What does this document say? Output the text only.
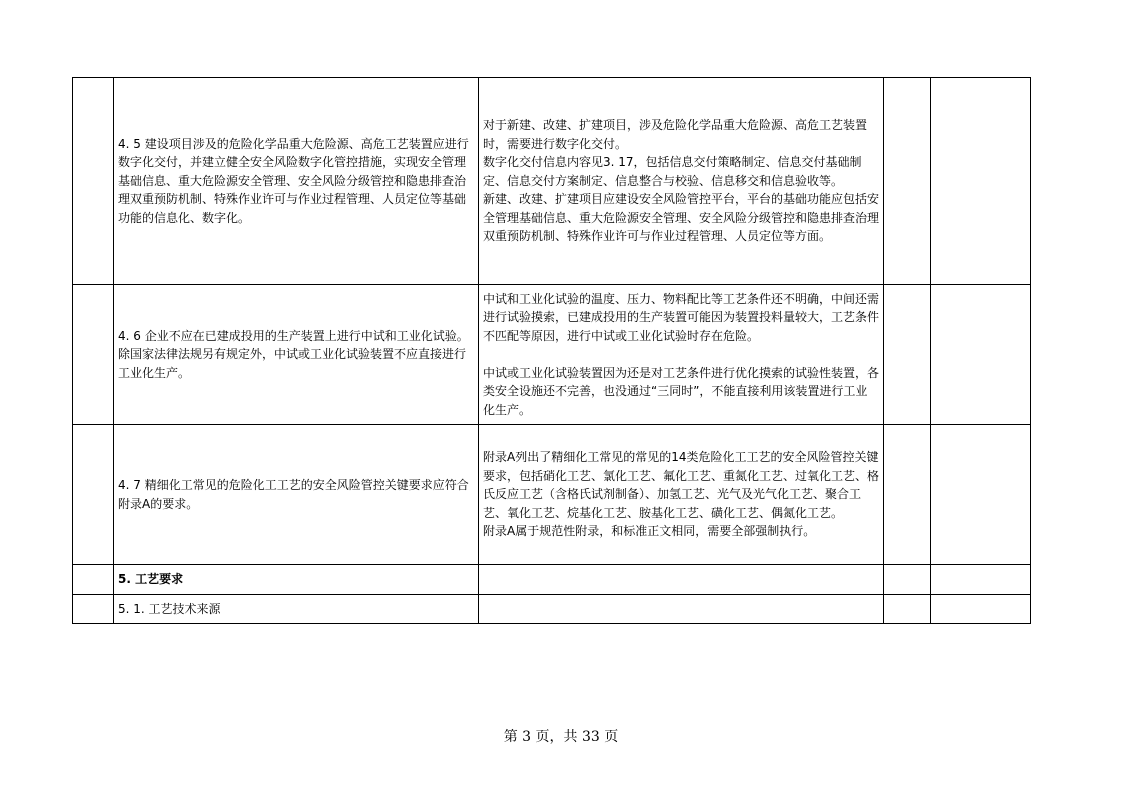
	4. 5 建设项目涉及的危险化学品重大危险源、高危工艺装置应进行数字化交付，并建立健全安全风险数字化管控措施，实现安全管理基础信息、重大危险源安全管理、安全风险分级管控和隐患排查治理双重预防机制、特殊作业许可与作业过程管理、人员定位等基础功能的信息化、数字化。	对于新建、改建、扩建项目，涉及危险化学品重大危险源、高危工艺装置时，需要进行数字化交付。

数字化交付信息内容见3. 17，包括信息交付策略制定、信息交付基础制定、信息交付方案制定、信息整合与校验、信息移交和信息验收等。

新建、改建、扩建项目应建设安全风险管控平台，平台的基础功能应包括安全管理基础信息、重大危险源安全管理、安全风险分级管控和隐患排查治理双重预防机制、特殊作业许可与作业过程管理、人员定位等方面。		

	4. 6 企业不应在已建成投用的生产装置上进行中试和工业化试验。除国家法律法规另有规定外，中试或工业化试验装置不应直接进行工业化生产。	中试和工业化试验的温度、压力、物料配比等工艺条件还不明确，中间还需进行试验摸索，已建成投用的生产装置可能因为装置投料量较大，工艺条件不匹配等原因，进行中试或工业化试验时存在危险。

中试或工业化试验装置因为还是对工艺条件进行优化摸索的试验性装置，各类安全设施还不完善，也没通过“三同时”，不能直接利用该装置进行工业化生产。		

	4. 7 精细化工常见的危险化工工艺的安全风险管控关键要求应符合附录A的要求。	附录A列出了精细化工常见的常见的14类危险化工工艺的安全风险管控关键要求，包括硝化工艺、氯化工艺、氟化工艺、重氮化工艺、过氧化工艺、格氏反应工艺（含格氏试剂制备）、加氢工艺、光气及光气化工艺、聚合工艺、氧化工艺、烷基化工艺、胺基化工艺、磺化工艺、偶氮化工艺。

附录A属于规范性附录，和标准正文相同，需要全部强制执行。		

	5. 工艺要求			
	5. 1. 工艺技术来源			
第 3 页，共 33 页
